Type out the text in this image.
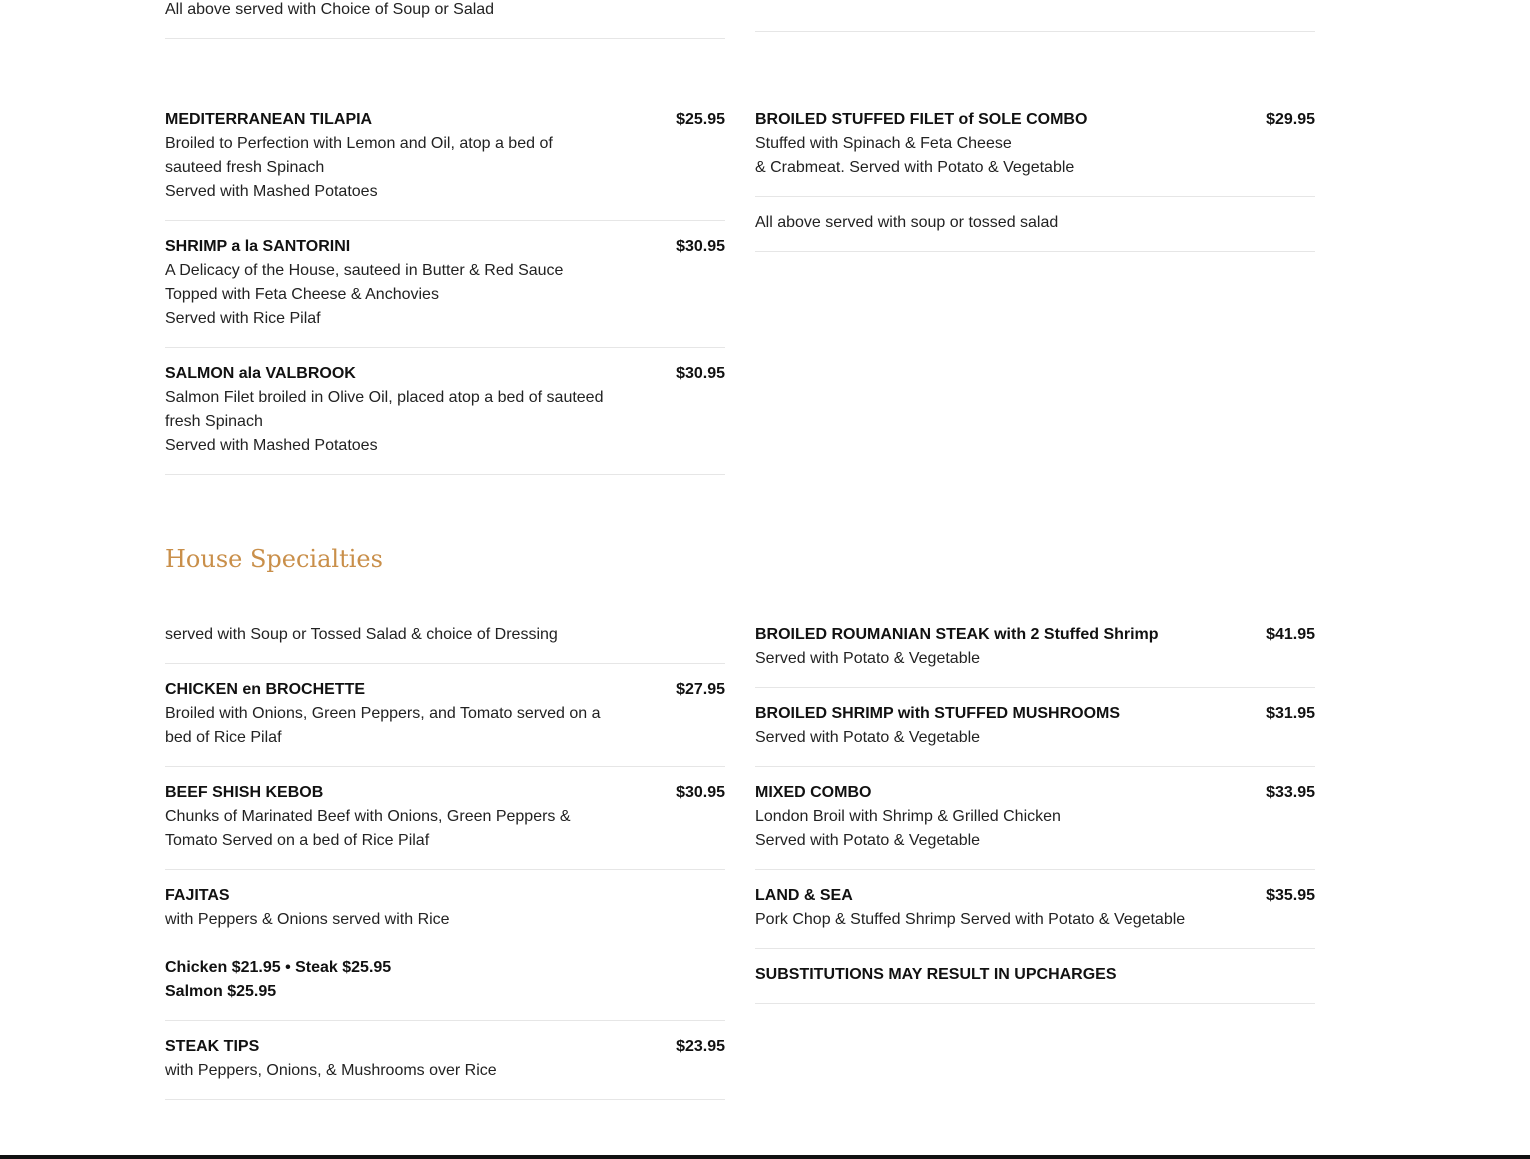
All above served with Choice of Soup or Salad
MEDITERRANEAN TILAPIA	$25.95
Broiled to Perfection with Lemon and Oil, atop a bed of
sauteed fresh Spinach
Served with Mashed Potatoes
SHRIMP a la SANTORINI	$30.95
A Delicacy of the House, sauteed in Butter & Red Sauce
Topped with Feta Cheese & Anchovies
Served with Rice Pilaf
SALMON ala VALBROOK	$30.95
Salmon Filet broiled in Olive Oil, placed atop a bed of sauteed
fresh Spinach
Served with Mashed Potatoes
BROILED STUFFED FILET of SOLE COMBO	$29.95
Stuffed with Spinach & Feta Cheese
& Crabmeat. Served with Potato & Vegetable
All above served with soup or tossed salad
House Specialties
served with Soup or Tossed Salad & choice of Dressing
CHICKEN en BROCHETTE	$27.95
Broiled with Onions, Green Peppers, and Tomato served on a
bed of Rice Pilaf
BEEF SHISH KEBOB	$30.95
Chunks of Marinated Beef with Onions, Green Peppers &
Tomato Served on a bed of Rice Pilaf
FAJITAS
with Peppers & Onions served with Rice
Chicken $21.95 • Steak $25.95
Salmon $25.95
STEAK TIPS	$23.95
with Peppers, Onions, & Mushrooms over Rice
BROILED ROUMANIAN STEAK with 2 Stuffed Shrimp	$41.95
Served with Potato & Vegetable
BROILED SHRIMP with STUFFED MUSHROOMS	$31.95
Served with Potato & Vegetable
MIXED COMBO	$33.95
London Broil with Shrimp & Grilled Chicken
Served with Potato & Vegetable
LAND & SEA	$35.95
Pork Chop & Stuffed Shrimp Served with Potato & Vegetable
SUBSTITUTIONS MAY RESULT IN UPCHARGES
